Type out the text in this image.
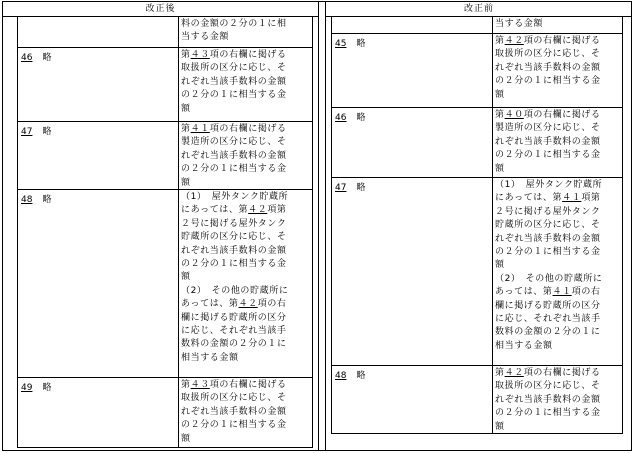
改正後
料の金額の２分の１に相
当する金額
46 略	第４３項の右欄に掲げる
取扱所の区分に応じ、そ
れぞれ当該手数料の金額
の２分の１に相当する金
額
47 略	第４１項の右欄に掲げる
製造所の区分に応じ、そ
れぞれ当該手数料の金額
の２分の１に相当する金
額
48 略	（1）　屋外タンク貯蔵所
にあっては、第４２項第
２号に掲げる屋外タンク
貯蔵所の区分に応じ、そ
れぞれ当該手数料の金額
の２分の１に相当する金
額
（2）　その他の貯蔵所に
あっては、第４２項の右
欄に掲げる貯蔵所の区分
に応じ、それぞれ当該手
数料の金額の２分の１に
相当する金額
49 略	第４３項の右欄に掲げる
取扱所の区分に応じ、そ
れぞれ当該手数料の金額
の２分の１に相当する金
額
改正前
当する金額
45 略	第４２項の右欄に掲げる
取扱所の区分に応じ、そ
れぞれ当該手数料の金額
の２分の１に相当する金
額
46 略	第４０項の右欄に掲げる
製造所の区分に応じ、そ
れぞれ当該手数料の金額
の２分の１に相当する金
額
47 略	（1）　屋外タンク貯蔵所
にあっては、第４１項第
２号に掲げる屋外タンク
貯蔵所の区分に応じ、そ
れぞれ当該手数料の金額
の２分の１に相当する金
額
（2）　その他の貯蔵所に
あっては、第４１項の右
欄に掲げる貯蔵所の区分
に応じ、それぞれ当該手
数料の金額の２分の１に
相当する金額
48 略	第４２項の右欄に掲げる
取扱所の区分に応じ、そ
れぞれ当該手数料の金額
の２分の１に相当する金
額
